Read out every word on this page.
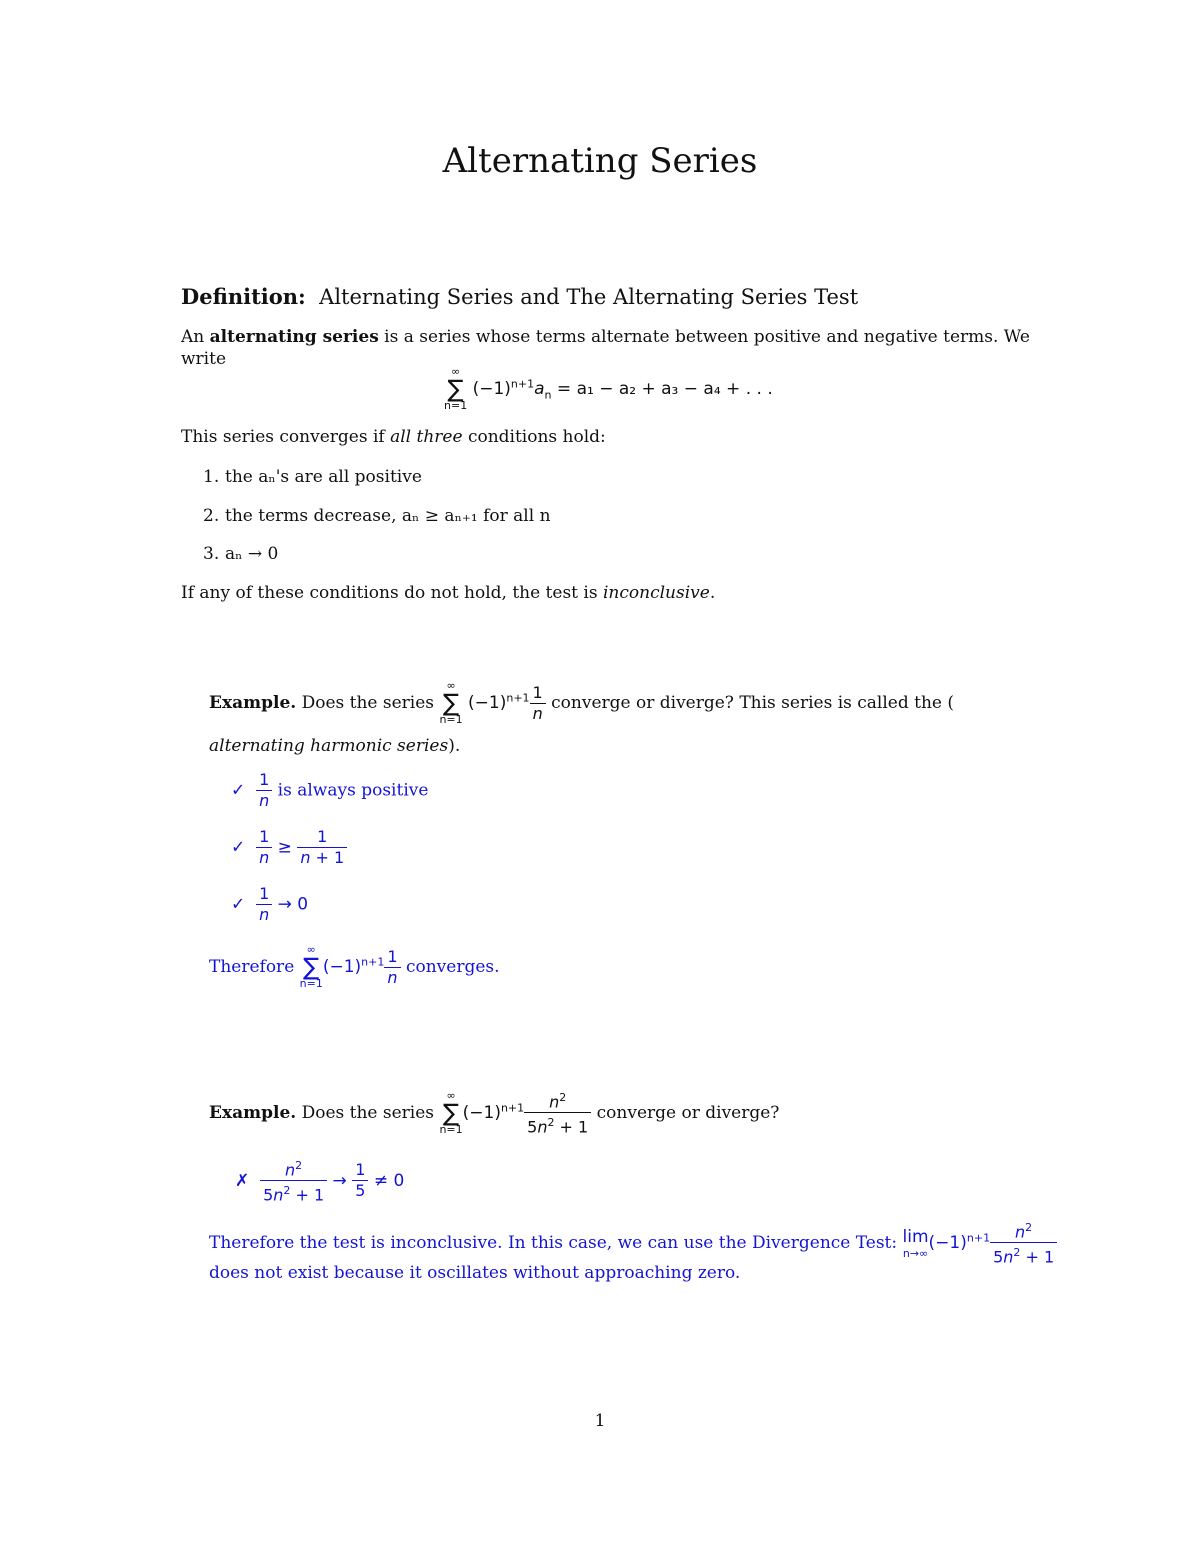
Alternating Series
Definition: Alternating Series and The Alternating Series Test
An alternating series is a series whose terms alternate between positive and negative terms. We write
∞
∑
n=1
$(-1)^{n+1}a_n = a_1 - a_2 + a_3 - a_4$ + . . .
This series converges if all three conditions hold:
1. the aₙ's are all positive
2. the terms decrease, aₙ ≥ aₙ₊₁ for all n
3. aₙ → 0
If any of these conditions do not hold, the test is inconclusive.
Example. Does the series
∞
∑
n=1
$(-1)^{n+1} \frac{1}{n}$ converge or diverge? This series is called the (
alternating harmonic series).
✓ $\frac{1}{n}$ is always positive
✓ $\frac{1}{n} \ge \frac{1}{n + 1}$
✓ $\frac{1}{n} \to 0$
Therefore
∞
∑
n=1
$(-1)^{n+1} \frac{1}{n}$ converges.
Example. Does the series
∞
∑
n=1
$(-1)^{n+1} \frac{n^2}{5n^2 + 1}$ converge or diverge?
✗ $\frac{n^2}{5n^2 + 1} \to \frac{1}{5} \ne 0$
Therefore the test is inconclusive. In this case, we can use the Divergence Test: lim
n→∞
$(-1)^{n+1} \frac{n^2}{5n^2 + 1}$
does not exist because it oscillates without approaching zero.
1
